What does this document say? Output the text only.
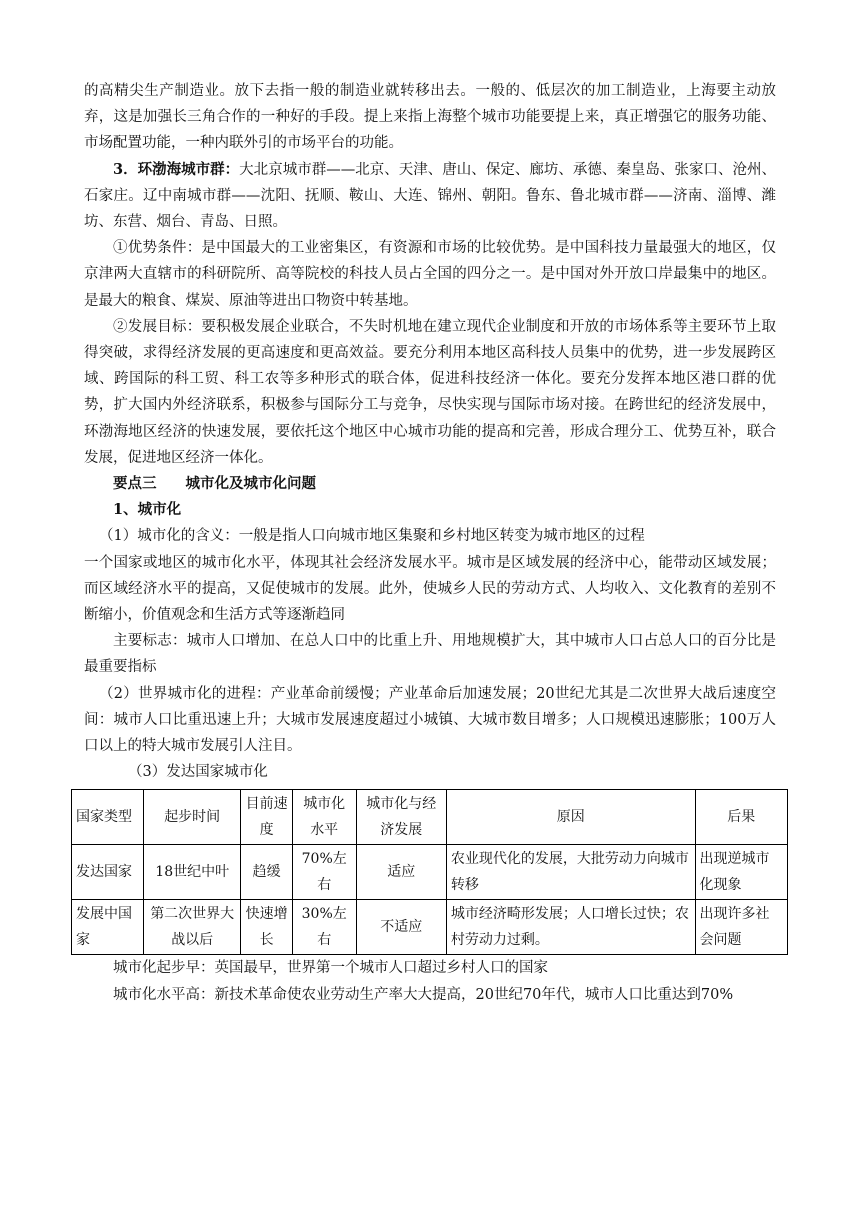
的高精尖生产制造业。放下去指一般的制造业就转移出去。一般的、低层次的加工制造业，上海要主动放弃，这是加强长三角合作的一种好的手段。提上来指上海整个城市功能要提上来，真正增强它的服务功能、市场配置功能，一种内联外引的市场平台的功能。

3．环渤海城市群：大北京城市群——北京、天津、唐山、保定、廊坊、承德、秦皇岛、张家口、沧州、石家庄。辽中南城市群——沈阳、抚顺、鞍山、大连、锦州、朝阳。鲁东、鲁北城市群——济南、淄博、潍坊、东营、烟台、青岛、日照。

①优势条件：是中国最大的工业密集区，有资源和市场的比较优势。是中国科技力量最强大的地区，仅京津两大直辖市的科研院所、高等院校的科技人员占全国的四分之一。是中国对外开放口岸最集中的地区。是最大的粮食、煤炭、原油等进出口物资中转基地。

②发展目标：要积极发展企业联合，不失时机地在建立现代企业制度和开放的市场体系等主要环节上取得突破，求得经济发展的更高速度和更高效益。要充分利用本地区高科技人员集中的优势，进一步发展跨区域、跨国际的科工贸、科工农等多种形式的联合体，促进科技经济一体化。要充分发挥本地区港口群的优势，扩大国内外经济联系，积极参与国际分工与竞争，尽快实现与国际市场对接。在跨世纪的经济发展中，环渤海地区经济的快速发展，要依托这个地区中心城市功能的提高和完善，形成合理分工、优势互补，联合发展，促进地区经济一体化。

要点三　　城市化及城市化问题

1、城市化

（1）城市化的含义：一般是指人口向城市地区集聚和乡村地区转变为城市地区的过程

一个国家或地区的城市化水平，体现其社会经济发展水平。城市是区域发展的经济中心，能带动区域发展；而区域经济水平的提高，又促使城市的发展。此外，使城乡人民的劳动方式、人均收入、文化教育的差别不断缩小，价值观念和生活方式等逐渐趋同

主要标志：城市人口增加、在总人口中的比重上升、用地规模扩大，其中城市人口占总人口的百分比是最重要指标

（2）世界城市化的进程：产业革命前缓慢；产业革命后加速发展；20世纪尤其是二次世界大战后速度空间：城市人口比重迅速上升；大城市发展速度超过小城镇、大城市数目增多；人口规模迅速膨胀；100万人口以上的特大城市发展引人注目。

（3）发达国家城市化

国家类型	起步时间	目前速度	城市化水平	城市化与经济发展	原因	后果
发达国家	18世纪中叶	趋缓	70%左右	适应	农业现代化的发展，大批劳动力向城市转移	出现逆城市化现象
发展中国家	第二次世界大战以后	快速增长	30%左右	不适应	城市经济畸形发展；人口增长过快；农村劳动力过剩。	出现许多社会问题

城市化起步早：英国最早，世界第一个城市人口超过乡村人口的国家

城市化水平高：新技术革命使农业劳动生产率大大提高，20世纪70年代，城市人口比重达到70%
